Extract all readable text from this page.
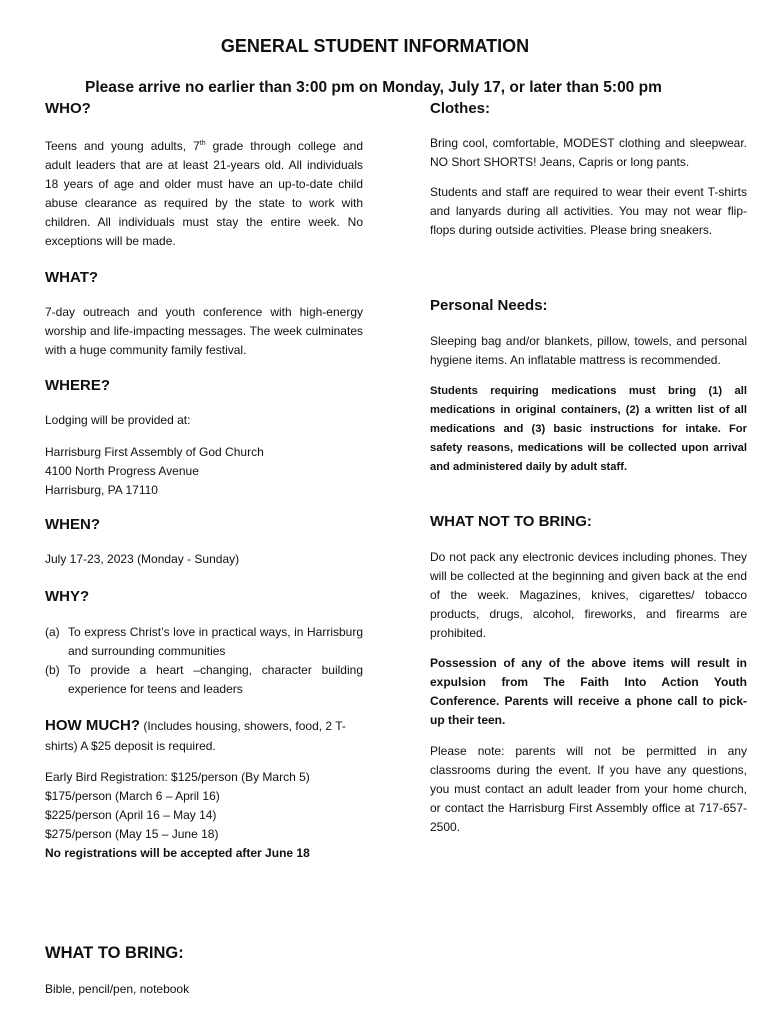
GENERAL STUDENT INFORMATION
Please arrive no earlier than 3:00 pm on Monday, July 17, or later than 5:00 pm
WHO?

Teens and young adults, 7th grade through college and adult leaders that are at least 21-years old. All individuals 18 years of age and older must have an up-to-date child abuse clearance as required by the state to work with children. All individuals must stay the entire week. No exceptions will be made.

WHAT?

7-day outreach and youth conference with high-energy worship and life-impacting messages. The week culminates with a huge community family festival.

WHERE?

Lodging will be provided at:

Harrisburg First Assembly of God Church

4100 North Progress Avenue

Harrisburg, PA 17110

WHEN?

July 17-23, 2023 (Monday - Sunday)

WHY?
(a) To express Christ’s love in practical ways, in Harrisburg and surrounding communities
(b) To provide a heart –changing, character building experience for teens and leaders
HOW MUCH? (Includes housing, showers, food, 2 T-

shirts) A $25 deposit is required.

Early Bird Registration: $125/person (By March 5)

$175/person (March 6 – April 16)

$225/person (April 16 – May 14)

$275/person (May 15 – June 18)

No registrations will be accepted after June 18

WHAT TO BRING:

Bible, pencil/pen, notebook

Clothes:

Bring cool, comfortable, MODEST clothing and sleepwear. NO Short SHORTS! Jeans, Capris or long pants.

Students and staff are required to wear their event T-shirts and lanyards during all activities. You may not wear flip-flops during outside activities. Please bring sneakers.

Personal Needs:

Sleeping bag and/or blankets, pillow, towels, and personal hygiene items. An inflatable mattress is recommended.

Students requiring medications must bring (1) all medications in original containers, (2) a written list of all medications and (3) basic instructions for intake. For safety reasons, medications will be collected upon arrival and administered daily by adult staff.

WHAT NOT TO BRING:

Do not pack any electronic devices including phones. They will be collected at the beginning and given back at the end of the week. Magazines, knives, cigarettes/ tobacco products, drugs, alcohol, fireworks, and firearms are prohibited.

Possession of any of the above items will result in expulsion from The Faith Into Action Youth Conference. Parents will receive a phone call to pick-up their teen.

Please note: parents will not be permitted in any classrooms during the event. If you have any questions, you must contact an adult leader from your home church, or contact the Harrisburg First Assembly office at 717-657-2500.
